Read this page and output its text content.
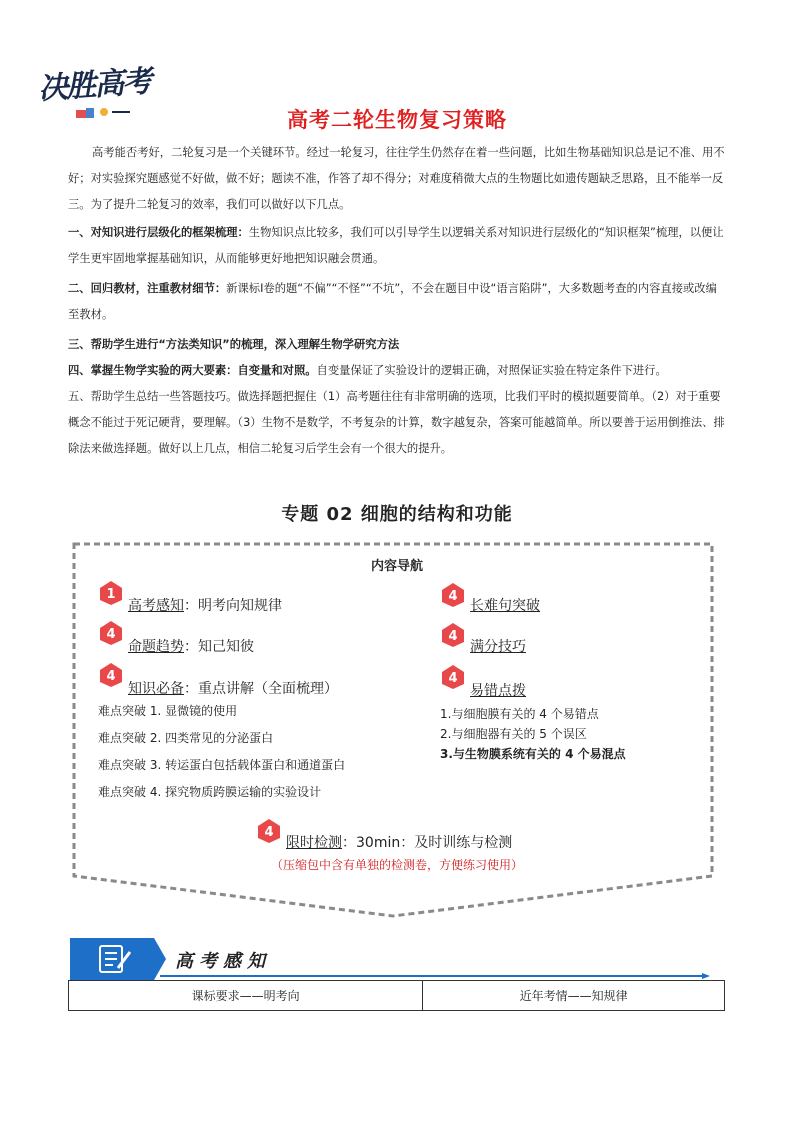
决胜高考
高考二轮生物复习策略
高考能否考好，二轮复习是一个关键环节。经过一轮复习，往往学生仍然存在着一些问题，比如生物基础知识总是记不准、用不好；对实验探究题感觉不好做，做不好；题读不准，作答了却不得分；对难度稍微大点的生物题比如遗传题缺乏思路，且不能举一反三。为了提升二轮复习的效率，我们可以做好以下几点。
一、对知识进行层级化的框架梳理：生物知识点比较多，我们可以引导学生以逻辑关系对知识进行层级化的“知识框架”梳理，以便让学生更牢固地掌握基础知识，从而能够更好地把知识融会贯通。
二、回归教材，注重教材细节：新课标Ⅰ卷的题“不偏”“不怪”“不坑”，不会在题目中设“语言陷阱”，大多数题考查的内容直接或改编至教材。
三、帮助学生进行“方法类知识”的梳理，深入理解生物学研究方法
四、掌握生物学实验的两大要素：自变量和对照。自变量保证了实验设计的逻辑正确，对照保证实验在特定条件下进行。
五、帮助学生总结一些答题技巧。做选择题把握住（1）高考题往往有非常明确的选项，比我们平时的模拟题要简单。（2）对于重要概念不能过于死记硬背，要理解。（3）生物不是数学，不考复杂的计算，数字越复杂，答案可能越简单。所以要善于运用倒推法、排除法来做选择题。做好以上几点，相信二轮复习后学生会有一个很大的提升。
专题 02 细胞的结构和功能
内容导航
1
高考感知：明考向知规律
4
命题趋势：知己知彼
4
知识必备：重点讲解（全面梳理）
难点突破 1. 显微镜的使用
难点突破 2. 四类常见的分泌蛋白
难点突破 3. 转运蛋白包括载体蛋白和通道蛋白
难点突破 4. 探究物质跨膜运输的实验设计
4
长难句突破
4
满分技巧
4
易错点拨
1.与细胞膜有关的 4 个易错点
2.与细胞器有关的 5 个误区
3.与生物膜系统有关的 4 个易混点
4
限时检测：30min：及时训练与检测
（压缩包中含有单独的检测卷，方便练习使用）
高考感知
课标要求——明考向	近年考情——知规律
